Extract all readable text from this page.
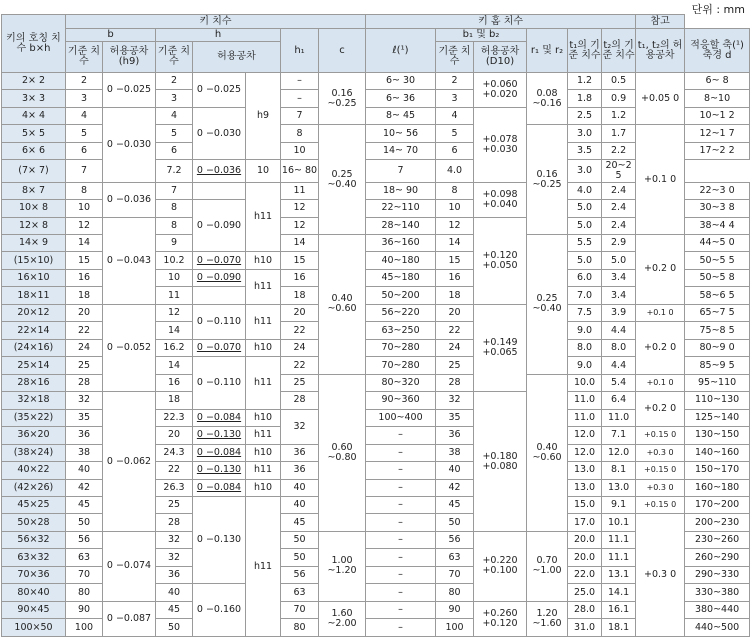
단위 : mm
키의 호칭 치수 b×h	키 치수							키 홈 치수						참고	
	b		h			h₁	c	ℓ(¹)	b₁ 및 b₂		r₁ 및 r₂	t₁의 기준 치수	t₂의 기준 치수	t₁, t₂의 허용공차	적응할 축(¹) 축경 d
	기준 치수	허용공차 (h9)	기준 치수	허용공차					기준 치수	허용공차 (D10)					
2× 2	2	0 −0.025	2	0 −0.025	h9	–	0.16 ~0.25	6~ 30	2	+0.060 +0.020	0.08 ~0.16	1.2	0.5	+0.05 0	6~ 8
3× 3	3		3			–		6~ 36	3			1.8	0.9		8~10
4× 4	4	0 −0.030	4	0 −0.030		7		8~ 45	4	+0.078 +0.030		2.5	1.2		10~1 2
5× 5	5		5			8	0.25 ~0.40	10~ 56	5		0.16 ~0.25	3.0	1.7	+0.1 0	12~1 7
6× 6	6		6			10		14~ 70	6			3.5	2.2		17~2 2
(7× 7)	7		7.2	0 −0.036	10	16~ 80		7	4.0			3.0	20~2 5		
8× 7	8	0 −0.036	7		h11	11		18~ 90	8	+0.098 +0.040		4.0	2.4		22~3 0
10× 8	10		8	0 −0.090		12		22~110	10			5.0	2.4		30~3 8
12× 8	12	0 −0.043	8			12		28~140	12	+0.120 +0.050		5.0	2.4		38~4 4
14× 9	14		9			14	0.40 ~0.60	36~160	14		0.25 ~0.40	5.5	2.9	+0.2 0	44~5 0
(15×10)	15		10.2	0 −0.070	h10	15		40~180	15			5.0	5.0		50~5 5
16×10	16		10	0 −0.090	h11	16		45~180	16			6.0	3.4		50~5 8
18×11	18		11			18		50~200	18			7.0	3.4		58~6 5
20×12	20	0 −0.052	12	0 −0.110	h11	20		56~220	20	+0.149 +0.065		7.5	3.9	+0.1 0	65~7 5
22×14	22		14			22		63~250	22			9.0	4.4	+0.2 0	75~8 5
(24×16)	24		16.2	0 −0.070	h10	24		70~280	24			8.0	8.0		80~9 0
25×14	25		14	0 −0.110	h11	22		70~280	25			9.0	4.4		85~9 5
28×16	28		16			25	0.60 ~0.80	80~320	28		0.40 ~0.60	10.0	5.4	+0.1 0	95~110
32×18	32	0 −0.062	18			28		90~360	32	+0.180 +0.080		11.0	6.4	+0.2 0	110~130
(35×22)	35		22.3	0 −0.084	h10	32		100~400	35			11.0	11.0		125~140
36×20	36		20	0 −0.130	h11			–	36			12.0	7.1	+0.15 0	130~150
(38×24)	38		24.3	0 −0.084	h10	36		–	38			12.0	12.0	+0.3 0	140~160
40×22	40		22	0 −0.130	h11	36		–	40			13.0	8.1	+0.15 0	150~170
(42×26)	42		26.3	0 −0.084	h10	40		–	42			13.0	13.0	+0.3 0	160~180
45×25	45		25	0 −0.130	h11	40		–	45			15.0	9.1	+0.15 0	170~200
50×28	50		28			45		–	50			17.0	10.1	+0.3 0	200~230
56×32	56	0 −0.074	32			50	1.00 ~1.20	–	56	+0.220 +0.100	0.70 ~1.00	20.0	11.1		230~260
63×32	63		32			50		–	63			20.0	11.1		260~290
70×36	70		36			56		–	70			22.0	13.1		290~330
80×40	80		40	0 −0.160		63		–	80			25.0	14.1		330~380
90×45	90	0 −0.087	45			70	1.60 ~2.00	–	90	+0.260 +0.120	1.20 ~1.60	28.0	16.1		380~440
100×50	100		50			80		–	100			31.0	18.1		440~500
